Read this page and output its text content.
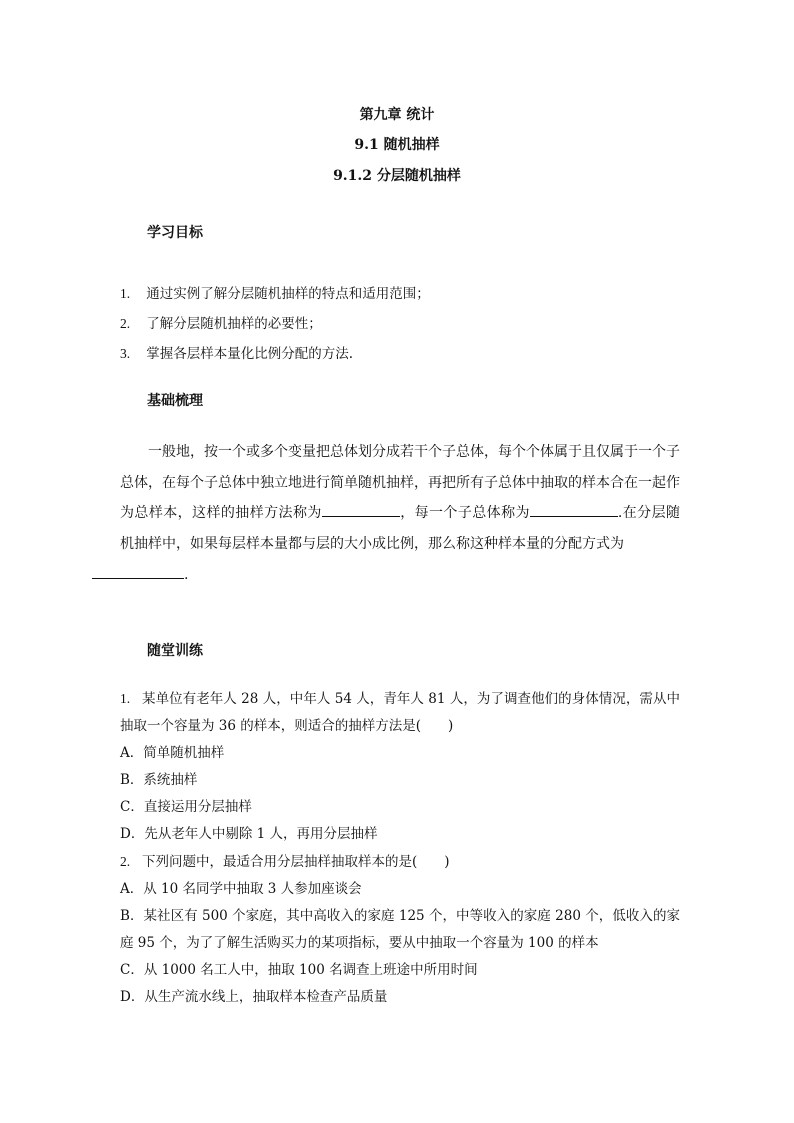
第九章 统计
9.1 随机抽样
9.1.2 分层随机抽样
学习目标
1. 通过实例了解分层随机抽样的特点和适用范围；
2. 了解分层随机抽样的必要性；
3. 掌握各层样本量化比例分配的方法.
基础梳理
一般地，按一个或多个变量把总体划分成若干个子总体，每个个体属于且仅属于一个子总体，在每个子总体中独立地进行简单随机抽样，再把所有子总体中抽取的样本合在一起作为总样本，这样的抽样方法称为	，每一个子总体称为	.在分层随机抽样中，如果每层样本量都与层的大小成比例，那么称这种样本量的分配方式为
.
随堂训练
1. 某单位有老年人 28 人，中年人 54 人，青年人 81 人，为了调查他们的身体情况，需从中抽取一个容量为 36 的样本，则适合的抽样方法是(　　)
A．简单随机抽样
B．系统抽样
C．直接运用分层抽样
D．先从老年人中剔除 1 人，再用分层抽样
2. 下列问题中，最适合用分层抽样抽取样本的是(　　)
A．从 10 名同学中抽取 3 人参加座谈会
B．某社区有 500 个家庭，其中高收入的家庭 125 个，中等收入的家庭 280 个，低收入的家庭 95 个，为了了解生活购买力的某项指标，要从中抽取一个容量为 100 的样本
C．从 1000 名工人中，抽取 100 名调查上班途中所用时间
D．从生产流水线上，抽取样本检查产品质量
